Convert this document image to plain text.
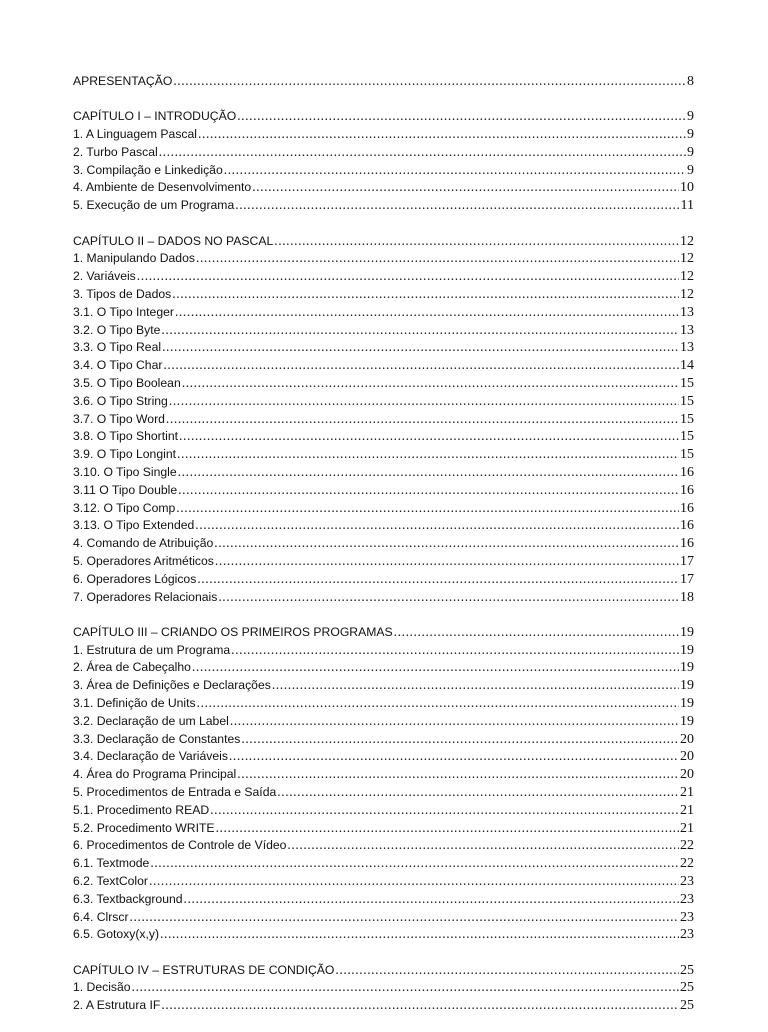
APRESENTAÇÃO .....	8
CAPÍTULO I – INTRODUÇÃO .....	9
1. A Linguagem Pascal .....	9
2. Turbo Pascal .....	9
3. Compilação e Linkedição .....	9
4. Ambiente de Desenvolvimento .....	10
5. Execução de um Programa .....	11
CAPÍTULO II – DADOS NO PASCAL .....	12
1. Manipulando Dados .....	12
2. Variáveis .....	12
3. Tipos de Dados .....	12
3.1. O Tipo Integer .....	13
3.2. O Tipo Byte .....	13
3.3. O Tipo Real .....	13
3.4. O Tipo Char .....	14
3.5. O Tipo Boolean .....	15
3.6. O Tipo String .....	15
3.7. O Tipo Word .....	15
3.8. O Tipo Shortint .....	15
3.9. O Tipo Longint .....	15
3.10. O Tipo Single .....	16
3.11 O Tipo Double .....	16
3.12. O Tipo Comp .....	16
3.13. O Tipo Extended .....	16
4. Comando de Atribuição .....	16
5. Operadores Aritméticos .....	17
6. Operadores Lógicos .....	17
7. Operadores Relacionais .....	18
CAPÍTULO III – CRIANDO OS PRIMEIROS PROGRAMAS .....	19
1. Estrutura de um Programa .....	19
2. Área de Cabeçalho .....	19
3. Área de Definições e Declarações .....	19
3.1. Definição de Units .....	19
3.2. Declaração de um Label .....	19
3.3. Declaração de Constantes .....	20
3.4. Declaração de Variáveis .....	20
4. Área do Programa Principal .....	20
5. Procedimentos de Entrada e Saída .....	21
5.1. Procedimento READ .....	21
5.2. Procedimento WRITE .....	21
6. Procedimentos de Controle de Vídeo .....	22
6.1. Textmode .....	22
6.2. TextColor .....	23
6.3. Textbackground .....	23
6.4. Clrscr .....	23
6.5. Gotoxy(x,y) .....	23
CAPÍTULO IV – ESTRUTURAS DE CONDIÇÃO .....	25
1. Decisão .....	25
2. A Estrutura IF .....	25
